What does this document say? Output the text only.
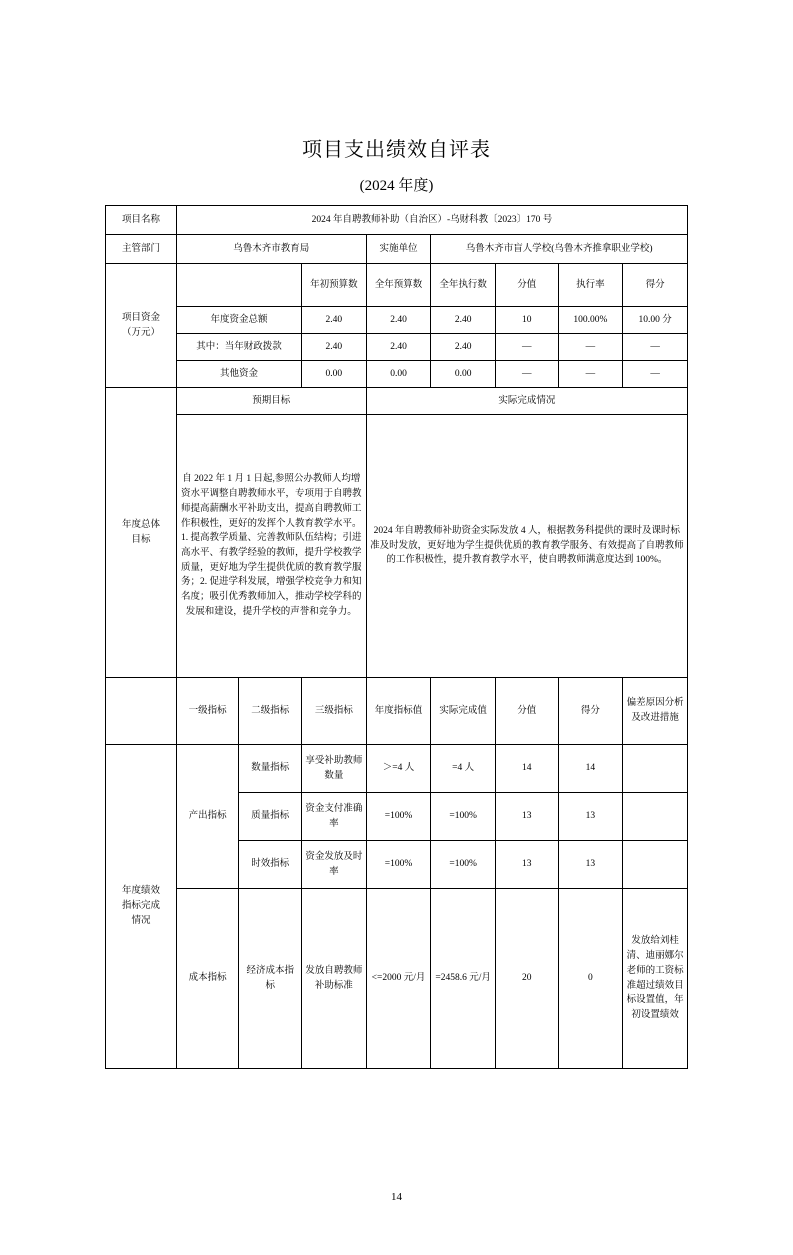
项目支出绩效自评表
(2024 年度)
项目名称	2024 年自聘教师补助（自治区）-乌财科教〔2023〕170 号							
主管部门	乌鲁木齐市教育局			实施单位	乌鲁木齐市盲人学校(乌鲁木齐推拿职业学校)			

项目资金
（万元）			年初预算数	全年预算数	全年执行数	分值	执行率	得分
	年度资金总额		2.40	2.40	2.40	10	100.00%	10.00 分
	其中：当年财政拨款		2.40	2.40	2.40	—	—	—
	其他资金		0.00	0.00	0.00	—	—	—

年度总体
目标	预期目标			实际完成情况				
	自 2022 年 1 月 1 日起,参照公办教师人均增资水平调整自聘教师水平，专项用于自聘教师提高薪酬水平补助支出，提高自聘教师工作积极性，更好的发挥个人教育教学水平。1. 提高教学质量、完善教师队伍结构；引进高水平、有教学经验的教师，提升学校教学质量，更好地为学生提供优质的教育教学服务；2. 促进学科发展，增强学校竞争力和知名度；吸引优秀教师加入，推动学校学科的发展和建设，提升学校的声誉和竞争力。			2024 年自聘教师补助资金实际发放 4 人，根据教务科提供的课时及课时标准及时发放，更好地为学生提供优质的教育教学服务、有效提高了自聘教师的工作积极性，提升教育教学水平，使自聘教师满意度达到 100%。				
	一级指标	二级指标	三级指标	年度指标值	实际完成值	分值	得分	偏差原因分析及改进措施

年度绩效
指标完成
情况	产出指标	数量指标	享受补助教师数量	＞=4 人	=4 人	14	14	
		质量指标	资金支付准确率	=100%	=100%	13	13	
		时效指标	资金发放及时率	=100%	=100%	13	13	
	成本指标	经济成本指标	发放自聘教师补助标准	<=2000 元/月	=2458.6 元/月	20	0	发放给刘桂清、迪丽娜尔老师的工资标准超过绩效目标设置值，年初设置绩效
14
